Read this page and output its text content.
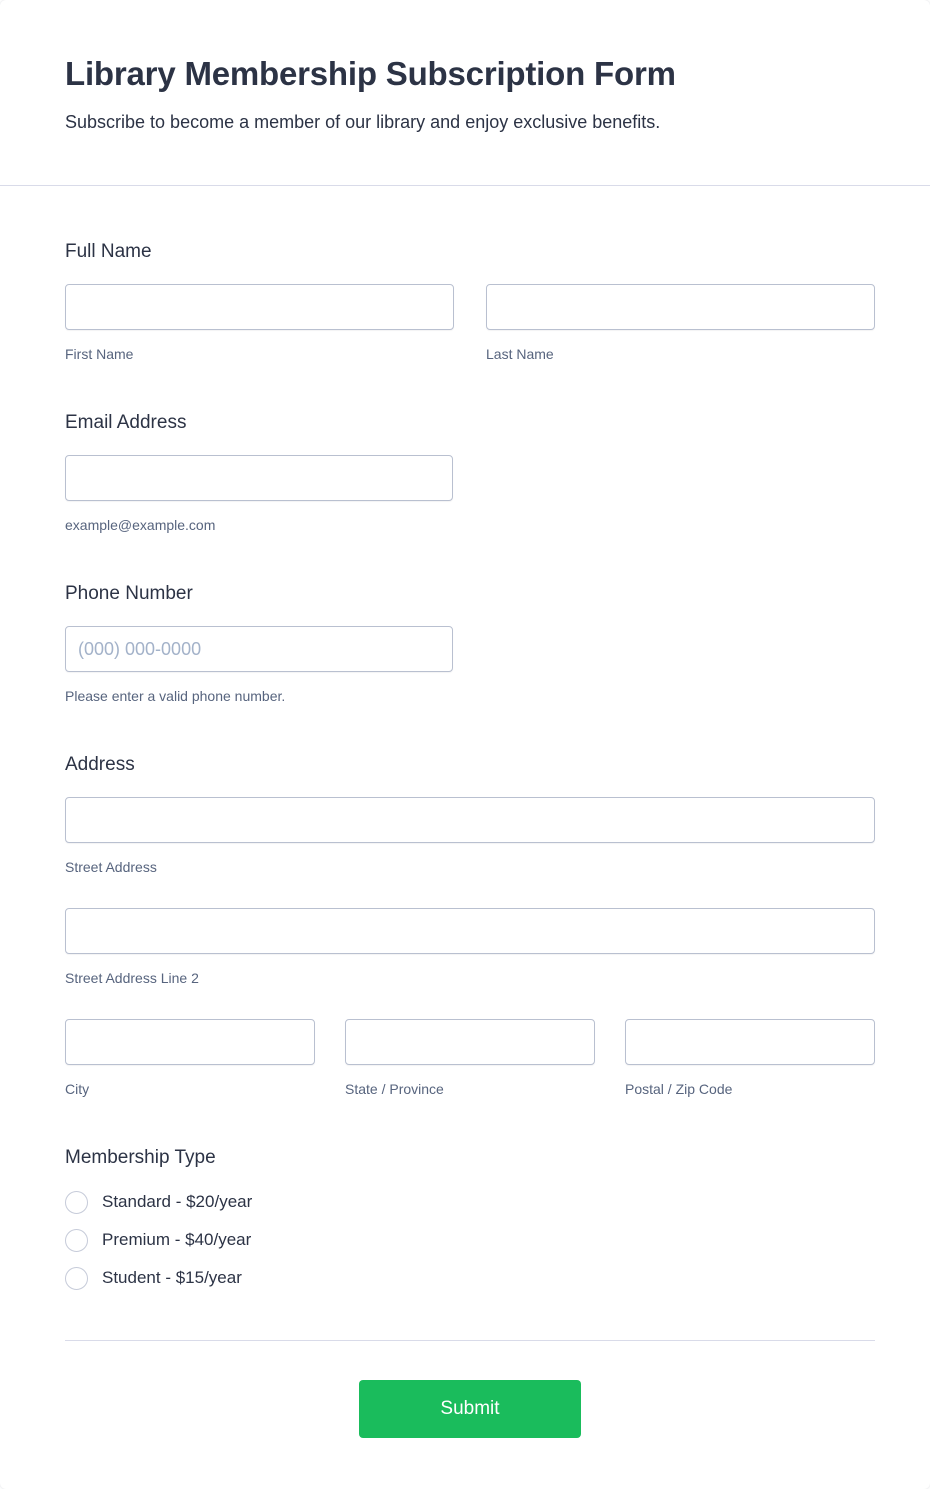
Library Membership Subscription Form
Subscribe to become a member of our library and enjoy exclusive benefits.
Full Name
First Name	Last Name
Email Address
example@example.com
Phone Number
(000) 000-0000
Please enter a valid phone number.
Address
Street Address
Street Address Line 2
City	State / Province	Postal / Zip Code
Membership Type
Standard - $20/year
Premium - $40/year
Student - $15/year
Submit
